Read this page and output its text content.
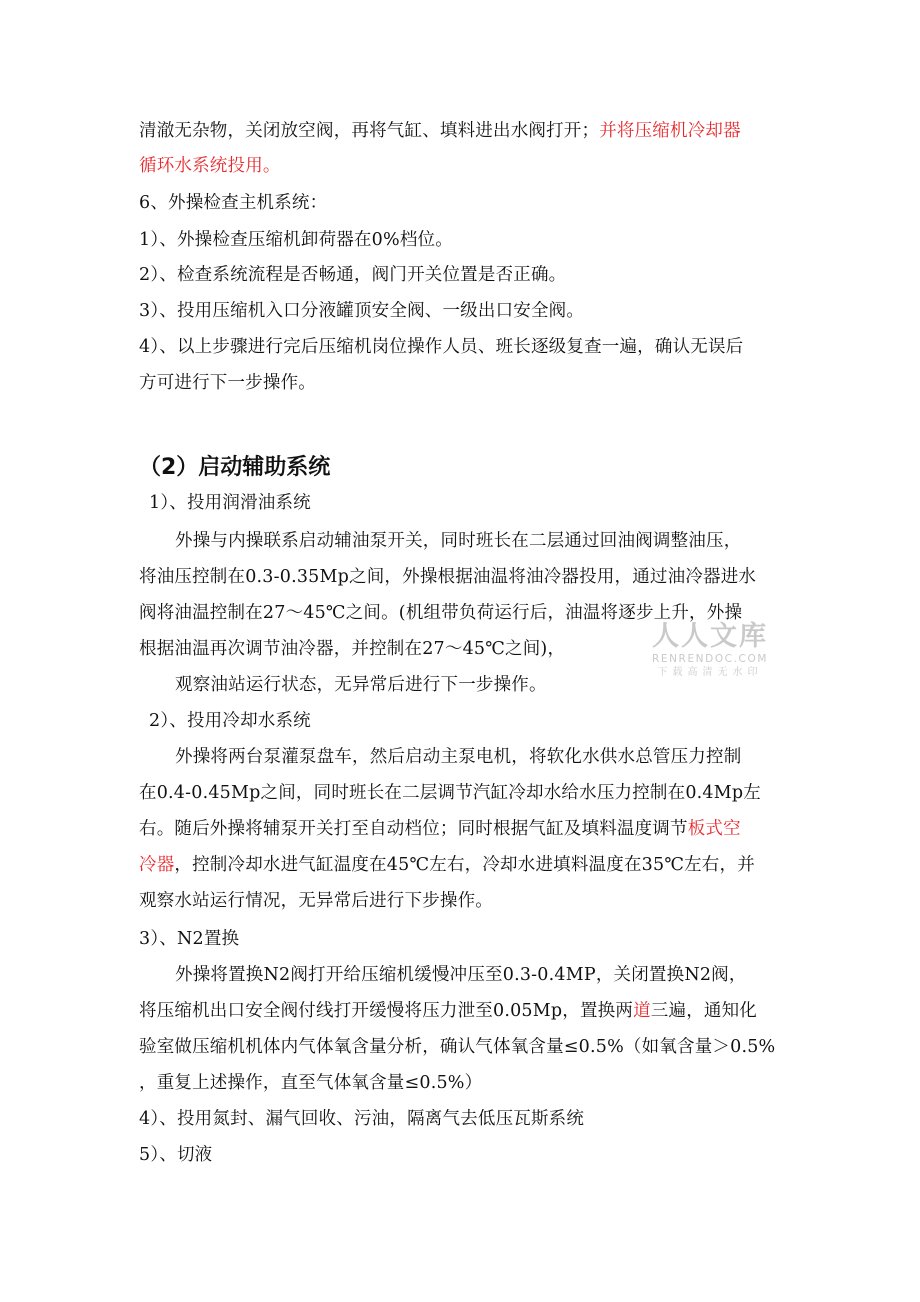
清澈无杂物，关闭放空阀，再将气缸、填料进出水阀打开；并将压缩机冷却器
循环水系统投用。
6、外操检查主机系统：
1）、外操检查压缩机卸荷器在0%档位。
2）、检查系统流程是否畅通，阀门开关位置是否正确。
3）、投用压缩机入口分液罐顶安全阀、一级出口安全阀。
4）、以上步骤进行完后压缩机岗位操作人员、班长逐级复查一遍，确认无误后
方可进行下一步操作。
（2）启动辅助系统
1）、投用润滑油系统
外操与内操联系启动辅油泵开关，同时班长在二层通过回油阀调整油压，
将油压控制在0.3-0.35Mp之间，外操根据油温将油冷器投用，通过油冷器进水
阀将油温控制在27～45℃之间。(机组带负荷运行后，油温将逐步上升，外操
根据油温再次调节油冷器，并控制在27～45℃之间)，
观察油站运行状态，无异常后进行下一步操作。
2）、投用冷却水系统
外操将两台泵灌泵盘车，然后启动主泵电机，将软化水供水总管压力控制
在0.4-0.45Mp之间，同时班长在二层调节汽缸冷却水给水压力控制在0.4Mp左
右。随后外操将辅泵开关打至自动档位；同时根据气缸及填料温度调节板式空
冷器，控制冷却水进气缸温度在45℃左右，冷却水进填料温度在35℃左右，并
观察水站运行情况，无异常后进行下步操作。
3）、N2置换
外操将置换N2阀打开给压缩机缓慢冲压至0.3-0.4MP，关闭置换N2阀，
将压缩机出口安全阀付线打开缓慢将压力泄至0.05Mp，置换两道三遍，通知化
验室做压缩机机体内气体氧含量分析，确认气体氧含量≤0.5%（如氧含量＞0.5%
，重复上述操作，直至气体氧含量≤0.5%）
4）、投用氮封、漏气回收、污油，隔离气去低压瓦斯系统
5）、切液
人人文库
RENRENDOC.COM
下载高清无水印
